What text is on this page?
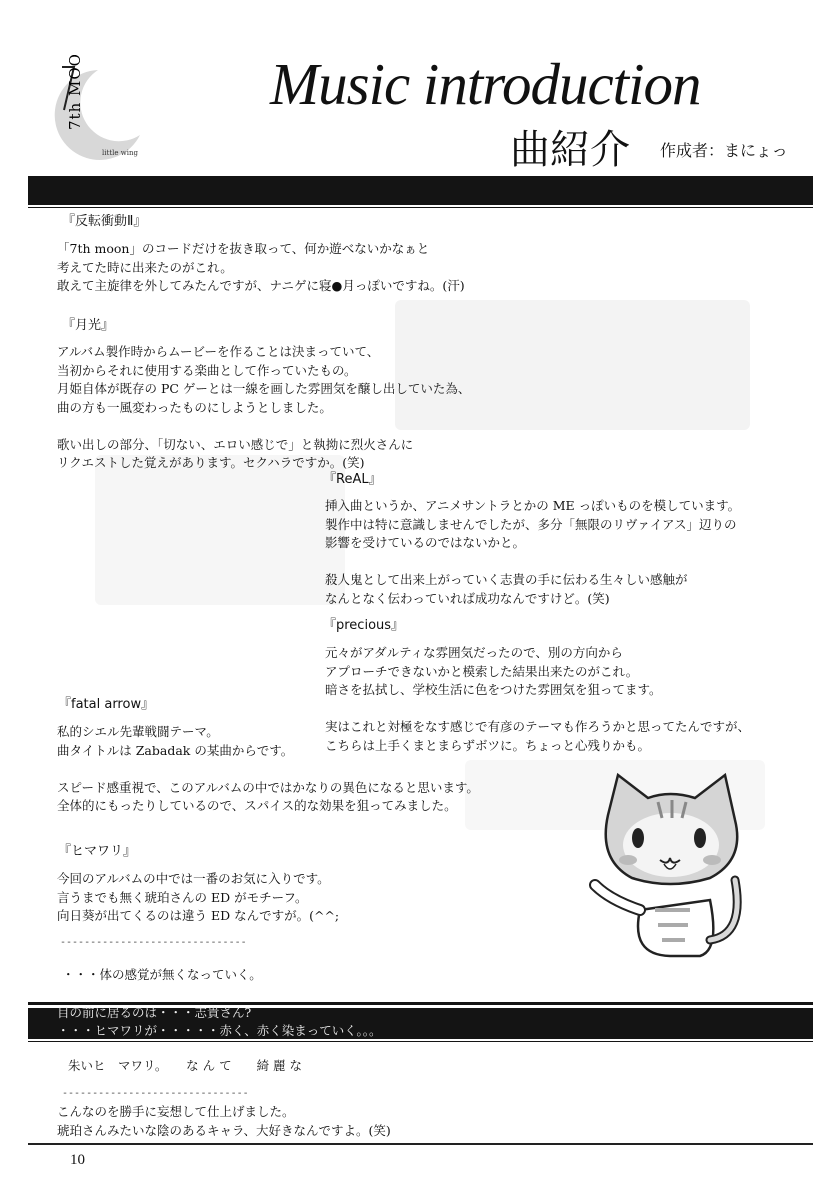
7th MOON
little wing
Music introduction
曲紹介 作成者：まにょっ
『反転衝動Ⅱ』
「7th moon」のコードだけを抜き取って、何か遊べないかなぁと
考えてた時に出来たのがこれ。
敢えて主旋律を外してみたんですが、ナニゲに寝●月っぽいですね。(汗)
『月光』
アルバム製作時からムービーを作ることは決まっていて、
当初からそれに使用する楽曲として作っていたもの。
月姫自体が既存の PC ゲーとは一線を画した雰囲気を醸し出していた為、
曲の方も一風変わったものにしようとしました。
歌い出しの部分、「切ない、エロい感じで」と執拗に烈火さんに
リクエストした覚えがあります。セクハラですか。(笑)
『ReAL』
挿入曲というか、アニメサントラとかの ME っぽいものを模しています。
製作中は特に意識しませんでしたが、多分「無限のリヴァイアス」辺りの
影響を受けているのではないかと。
殺人鬼として出来上がっていく志貴の手に伝わる生々しい感触が
なんとなく伝わっていれば成功なんですけど。(笑)
『precious』
元々がアダルティな雰囲気だったので、別の方向から
アプローチできないかと模索した結果出来たのがこれ。
暗さを払拭し、学校生活に色をつけた雰囲気を狙ってます。
実はこれと対極をなす感じで有彦のテーマも作ろうかと思ってたんですが、
こちらは上手くまとまらずボツに。ちょっと心残りかも。
『fatal arrow』
私的シエル先輩戦闘テーマ。
曲タイトルは Zabadak の某曲からです。
スピード感重視で、このアルバムの中ではかなりの異色になると思います。
全体的にもったりしているので、スパイス的な効果を狙ってみました。
『ヒマワリ』
今回のアルバムの中では一番のお気に入りです。
言うまでも無く琥珀さんの ED がモチーフ。
向日葵が出てくるのは違う ED なんですが。(^^;
-------------------------------
・・・体の感覚が無くなっていく。
目の前に居るのは・・・志貴さん?
・・・ヒマワリが・・・・・赤く、赤く染まっていく。。。
朱いヒ　マワリ。　　な ん て　　綺 麗 な
-------------------------------
こんなのを勝手に妄想して仕上げました。
琥珀さんみたいな陰のあるキャラ、大好きなんですよ。(笑)
10
